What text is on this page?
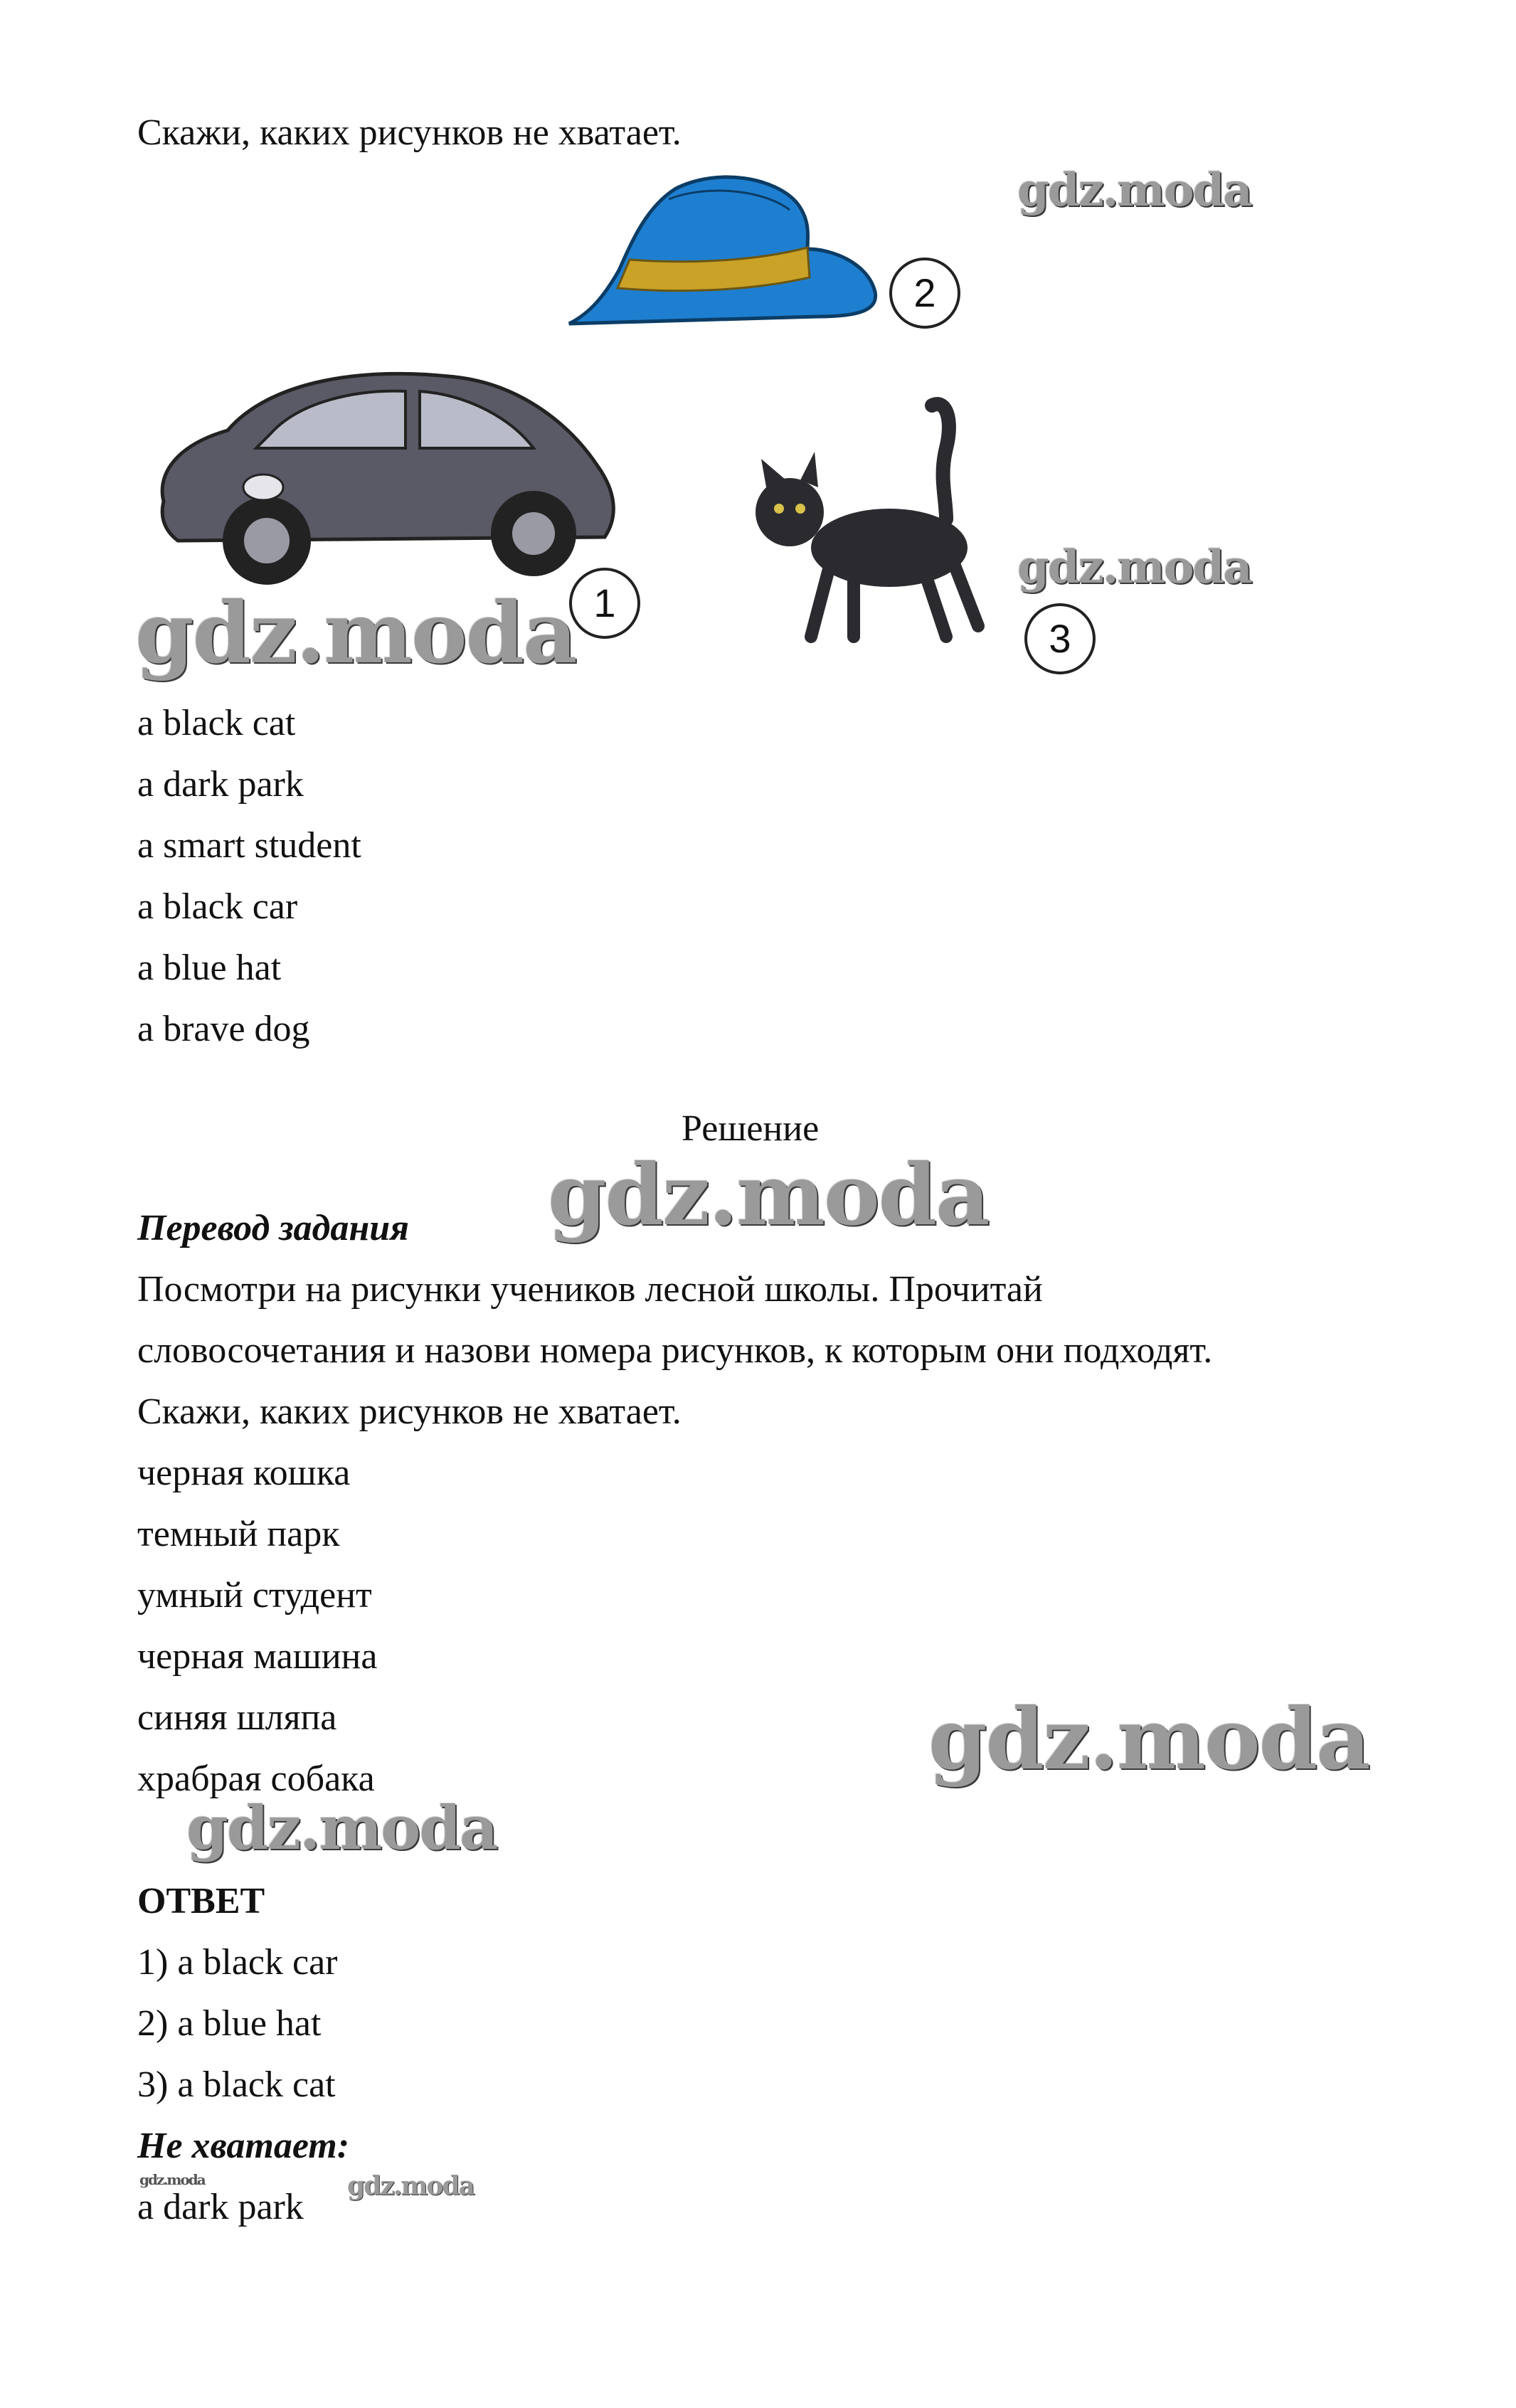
Скажи, каких рисунков не хватает.
2
1
3
gdz.moda
gdz.moda
gdz.moda
a black cat
a dark park
a smart student
a black car
a blue hat
a brave dog
Решение
gdz.moda
Перевод задания
Посмотри на рисунки учеников лесной школы. Прочитай
словосочетания и назови номера рисунков, к которым они подходят.
Скажи, каких рисунков не хватает.
черная кошка
темный парк
умный студент
черная машина
синяя шляпа
храбрая собака	gdz.moda
gdz.moda
ОТВЕТ
1) a black car
2) a blue hat
3) a black cat
Не хватает:
gdz.moda	gdz.moda
a dark park
